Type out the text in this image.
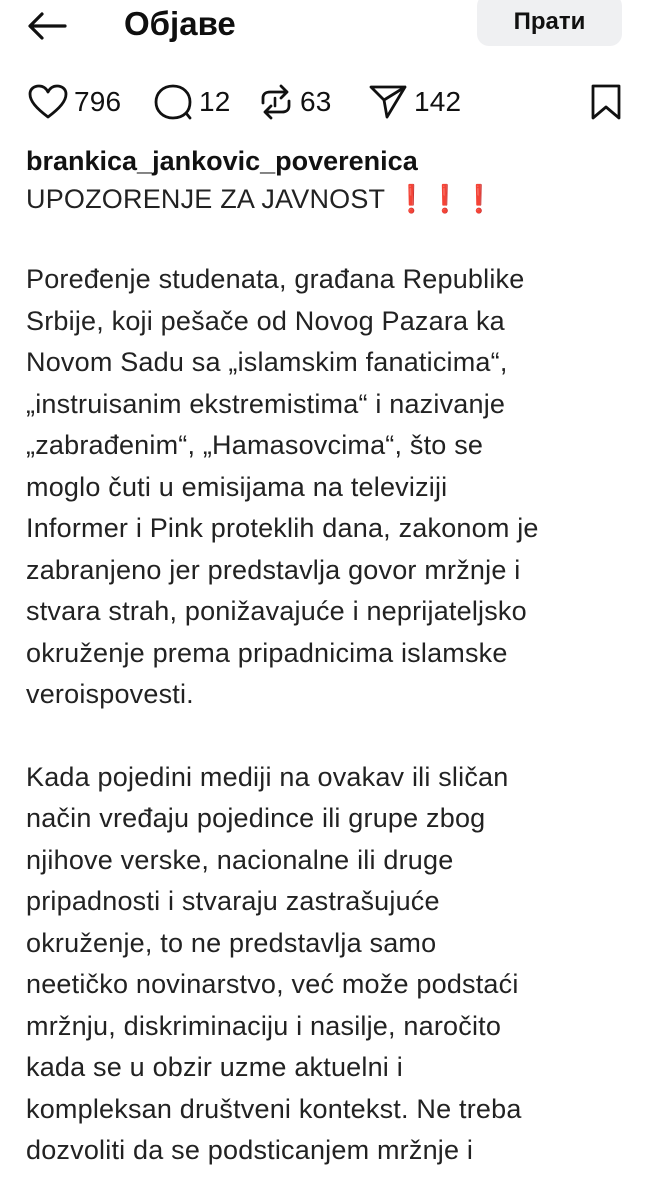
Објаве	Прати
796	12 63	142
brankica_jankovic_poverenica
UPOZORENJE ZA JAVNOST ❗❗❗
Poređenje studenata, građana Republike
Srbije, koji pešače od Novog Pazara ka
Novom Sadu sa „islamskim fanaticima“,
„instruisanim ekstremistima“ i nazivanje
„zabrađenim“, „Hamasovcima“, što se
moglo čuti u emisijama na televiziji
Informer i Pink proteklih dana, zakonom je
zabranjeno jer predstavlja govor mržnje i
stvara strah, ponižavajuće i neprijateljsko
okruženje prema pripadnicima islamske
veroispovesti.
Kada pojedini mediji na ovakav ili sličan
način vređaju pojedince ili grupe zbog
njihove verske, nacionalne ili druge
pripadnosti i stvaraju zastrašujuće
okruženje, to ne predstavlja samo
neetičko novinarstvo, već može podstaći
mržnju, diskriminaciju i nasilje, naročito
kada se u obzir uzme aktuelni i
kompleksan društveni kontekst. Ne treba
dozvoliti da se podsticanjem mržnje i
